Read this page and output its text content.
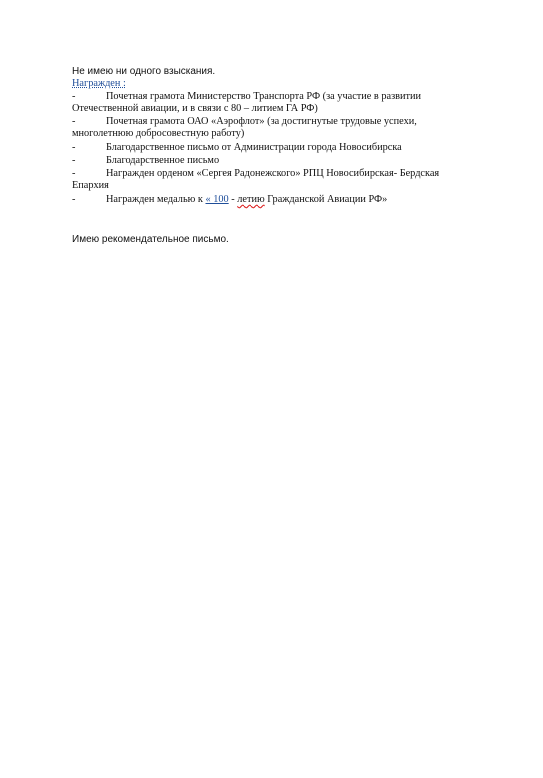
Не имею ни одного взыскания.
Награжден :
-	Почетная грамота Министерство Транспорта РФ (за участие в развитии
Отечественной авиации, и в связи с 80 – литием ГА РФ)
-	Почетная грамота ОАО «Аэрофлот» (за достигнутые трудовые успехи,
многолетнюю добросовестную работу)
-	Благодарственное письмо от Администрации города Новосибирска
-	Благодарственное письмо
-	Награжден орденом «Сергея Радонежского» РПЦ Новосибирская- Бердская
Епархия
-	Награжден медалью к « 100 - летию Гражданской Авиации РФ»
Имею рекомендательное письмо.
